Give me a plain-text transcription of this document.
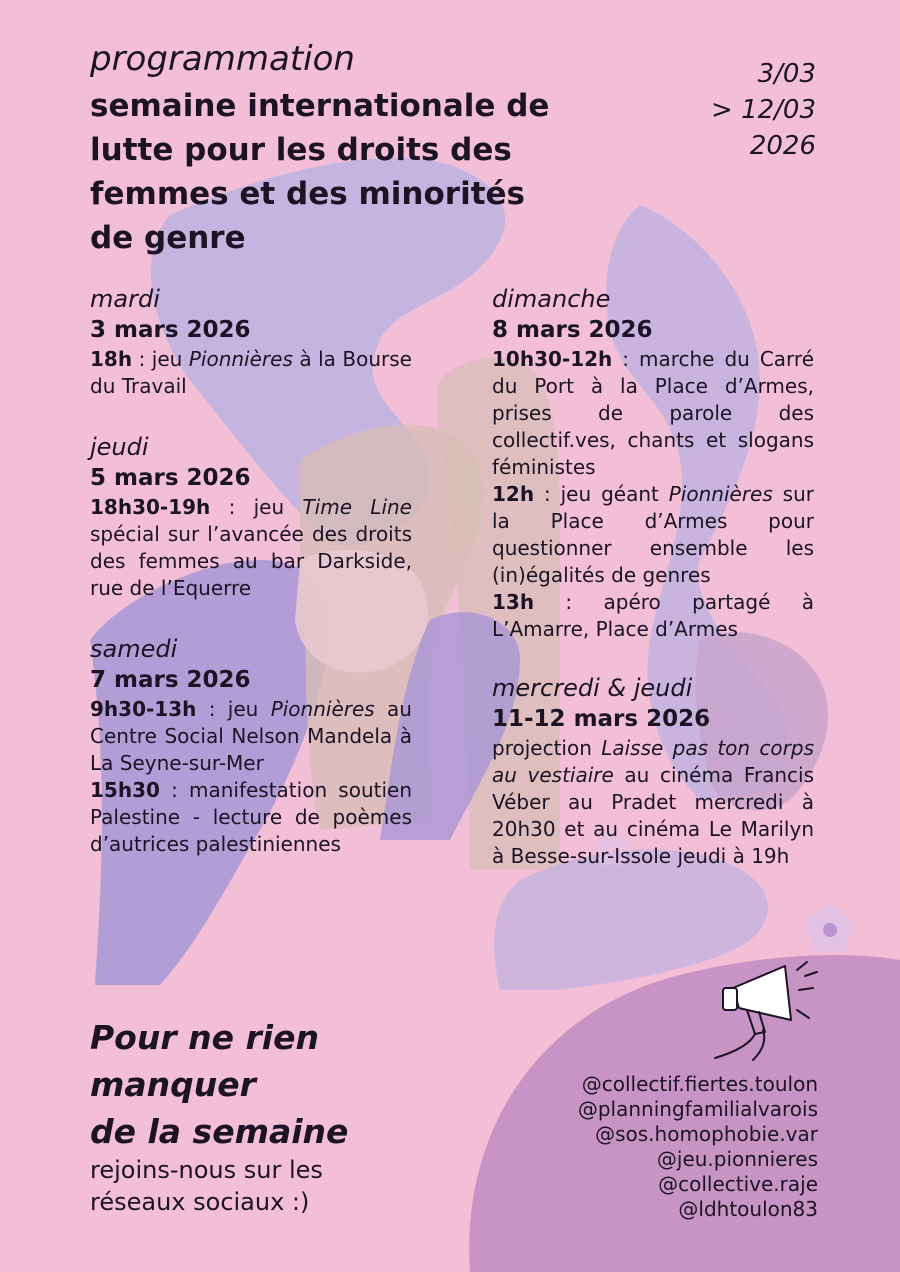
programmation
semaine internationale de
lutte pour les droits des
femmes et des minorités
de genre
3/03
> 12/03
2026
mardi
3 mars 2026
18h : jeu Pionnières à la Bourse du Travail
jeudi
5 mars 2026
18h30-19h : jeu Time Line spécial sur l’avancée des droits des femmes au bar Darkside, rue de l’Equerre
samedi
7 mars 2026
9h30-13h : jeu Pionnières au Centre Social Nelson Mandela à La Seyne-sur-Mer
15h30 : manifestation soutien Palestine - lecture de poèmes d’autrices palestiniennes
dimanche
8 mars 2026
10h30-12h : marche du Carré du Port à la Place d’Armes, prises de parole des collectif.ves, chants et slogans féministes
12h : jeu géant Pionnières sur la Place d’Armes pour questionner ensemble les (in)égalités de genres
13h : apéro partagé à L’Amarre, Place d’Armes
mercredi & jeudi
11-12 mars 2026
projection Laisse pas ton corps au vestiaire au cinéma Francis Véber au Pradet mercredi à 20h30 et au cinéma Le Marilyn à Besse-sur-Issole jeudi à 19h
Pour ne rien
manquer
de la semaine
rejoins-nous sur les
réseaux sociaux :)
@collectif.fiertes.toulon
@planningfamilialvarois
@sos.homophobie.var
@jeu.pionnieres
@collective.raje
@ldhtoulon83
